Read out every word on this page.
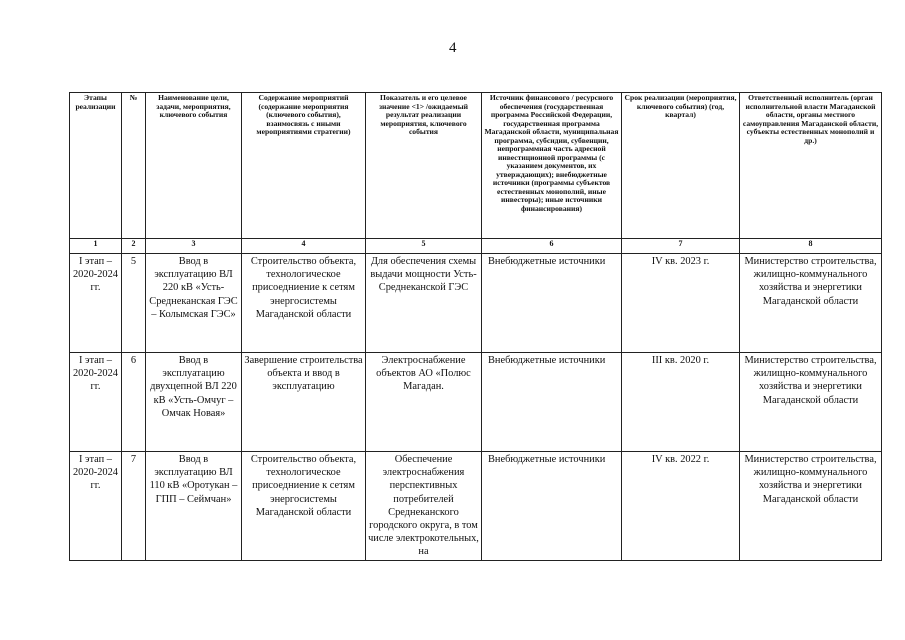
4
Этапы реализации	№	Наименование цели, задачи, мероприятия, ключевого события	Содержание мероприятий (содержание мероприятия (ключевого события), взаимосвязь с иными мероприятиями стратегии)	Показатель и его целевое значение <1> /ожидаемый результат реализации мероприятия, ключевого события	Источник финансового / ресурсного обеспечения (государственная программа Российской Федерации, государственная программа Магаданской области, муниципальная программа, субсидии, субвенции, непрограммная часть адресной инвестиционной программы (с указанием документов, их утверждающих); внебюджетные источники (программы субъектов естественных монополий, иные инвесторы); иные источники финансирования)	Срок реализации (мероприятия, ключевого события) (год, квартал)	Ответственный исполнитель (орган исполнительной власти Магаданской области, органы местного самоуправления Магаданской области, субъекты естественных монополий и др.)
1	2	3	4	5	6	7	8
I этап – 2020-2024 гг.	5	Ввод в эксплуатацию ВЛ 220 кВ «Усть-Среднеканская ГЭС – Колымская ГЭС»	Строительство объекта, технологическое присоедниение к сетям энергосистемы Магаданской области	Для обеспечения схемы выдачи мощности Усть-Среднеканской ГЭС	Внебюджетные источники	IV кв. 2023 г.	Министерство строительства, жилищно-коммунального хозяйства и энергетики Магаданской области
I этап – 2020-2024 гг.	6	Ввод в эксплуатацию двухцепной ВЛ 220 кВ «Усть-Омчуг – Омчак Новая»	Завершение строительства объекта и ввод в эксплуатацию	Электроснабжение объектов АО «Полюс Магадан.	Внебюджетные источники	III кв. 2020 г.	Министерство строительства, жилищно-коммунального хозяйства и энергетики Магаданской области
I этап – 2020-2024 гг.	7	Ввод в эксплуатацию ВЛ 110 кВ «Оротукан – ГПП – Сеймчан»	Строительство объекта, технологическое присоедниение к сетям энергосистемы Магаданской области	Обеспечение электроснабжения перспективных потребителей Среднеканского городского округа, в том числе электрокотельных, на	Внебюджетные источники	IV кв. 2022 г.	Министерство строительства, жилищно-коммунального хозяйства и энергетики Магаданской области
